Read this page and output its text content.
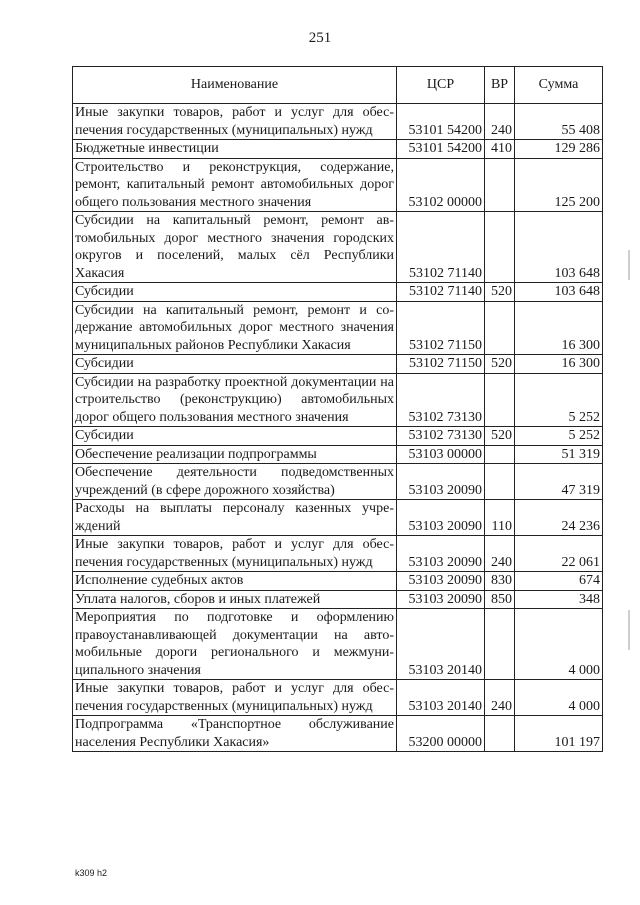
251
Наименование	ЦСР	ВР	Сумма
Иные закупки товаров, работ и услуг для обеспечения государственных (муниципальных) нужд	53101 54200	240	55 408
Бюджетные инвестиции	53101 54200	410	129 286
Строительство и реконструкция, содержание, ремонт, капитальный ремонт автомобильных дорог общего пользования местного значения	53102 00000		125 200
Субсидии на капитальный ремонт, ремонт автомобильных дорог местного значения городских округов и поселений, малых сёл Республики Хакасия	53102 71140		103 648
Субсидии	53102 71140	520	103 648
Субсидии на капитальный ремонт, ремонт и содержание автомобильных дорог местного значения муниципальных районов Республики Хакасия	53102 71150		16 300
Субсидии	53102 71150	520	16 300
Субсидии на разработку проектной документации на строительство (реконструкцию) автомобильных дорог общего пользования местного значения	53102 73130		5 252
Субсидии	53102 73130	520	5 252
Обеспечение реализации подпрограммы	53103 00000		51 319
Обеспечение деятельности подведомственных учреждений (в сфере дорожного хозяйства)	53103 20090		47 319
Расходы на выплаты персоналу казенных учреждений	53103 20090	110	24 236
Иные закупки товаров, работ и услуг для обеспечения государственных (муниципальных) нужд	53103 20090	240	22 061
Исполнение судебных актов	53103 20090	830	674
Уплата налогов, сборов и иных платежей	53103 20090	850	348
Мероприятия по подготовке и оформлению правоустанавливающей документации на автомобильные дороги регионального и межмуниципального значения	53103 20140		4 000
Иные закупки товаров, работ и услуг для обеспечения государственных (муниципальных) нужд	53103 20140	240	4 000
Подпрограмма «Транспортное обслуживание населения Республики Хакасия»	53200 00000		101 197
k309 h2
